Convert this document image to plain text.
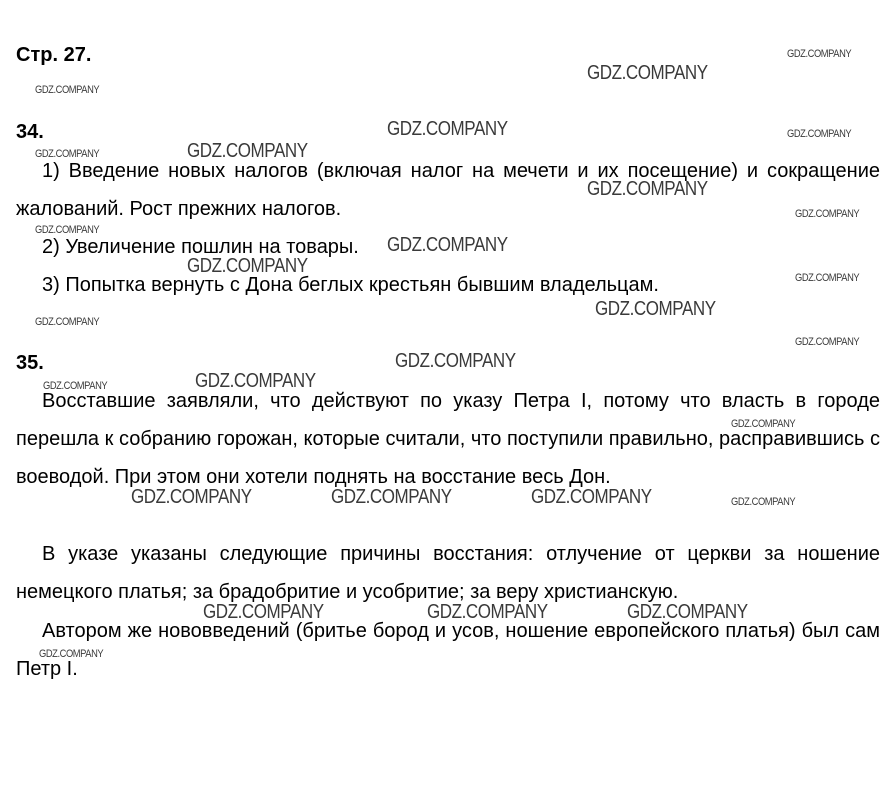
Стр. 27.
34.

1) Введение новых налогов (включая налог на мечети и их посещение) и сокращение жалований. Рост прежних налогов.

2) Увеличение пошлин на товары.

3) Попытка вернуть с Дона беглых крестьян бывшим владельцам.

35.

Восставшие заявляли, что действуют по указу Петра I, потому что власть в городе перешла к собранию горожан, которые считали, что поступили правильно, расправившись с воеводой. При этом они хотели поднять на восстание весь Дон.

В указе указаны следующие причины восстания: отлучение от церкви за ношение немецкого платья; за брадобритие и усобритие; за веру христианскую.

Автором же нововведений (бритье бород и усов, ношение европейского платья) был сам Петр I.

GDZ.COMPANY
GDZ.COMPANY
GDZ.COMPANY
GDZ.COMPANY	GDZ.COMPANY
GDZ.COMPANY
GDZ.COMPANY
GDZ.COMPANY
GDZ.COMPANY
GDZ.COMPANY
GDZ.COMPANY
GDZ.COMPANY
GDZ.COMPANY
GDZ.COMPANY
GDZ.COMPANY
GDZ.COMPANY
GDZ.COMPANY
GDZ.COMPANY
GDZ.COMPANY
GDZ.COMPANY
GDZ.COMPANY	GDZ.COMPANY	GDZ.COMPANY	GDZ.COMPANY
GDZ.COMPANY	GDZ.COMPANY	GDZ.COMPANY
GDZ.COMPANY
